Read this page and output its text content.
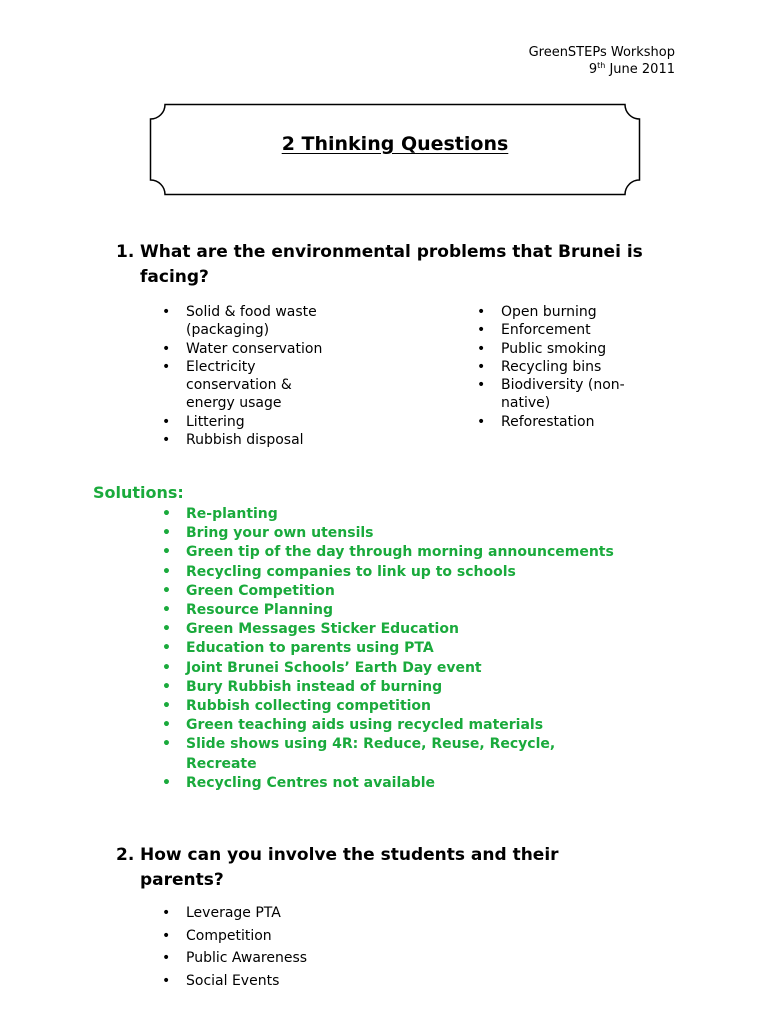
GreenSTEPs Workshop
9th June 2011
2 Thinking Questions
1. What are the environmental problems that Brunei is
facing?
• Solid & food waste
(packaging)
• Water conservation
• Electricity
conservation &
energy usage
• Littering
• Rubbish disposal
• Open burning
• Enforcement
• Public smoking
• Recycling bins
• Biodiversity (non-
native)
• Reforestation
Solutions:
• Re-planting
• Bring your own utensils
• Green tip of the day through morning announcements
• Recycling companies to link up to schools
• Green Competition
• Resource Planning
• Green Messages Sticker Education
• Education to parents using PTA
• Joint Brunei Schools’ Earth Day event
• Bury Rubbish instead of burning
• Rubbish collecting competition
• Green teaching aids using recycled materials
• Slide shows using 4R: Reduce, Reuse, Recycle,
Recreate
• Recycling Centres not available
2. How can you involve the students and their
parents?
• Leverage PTA
• Competition
• Public Awareness
• Social Events
